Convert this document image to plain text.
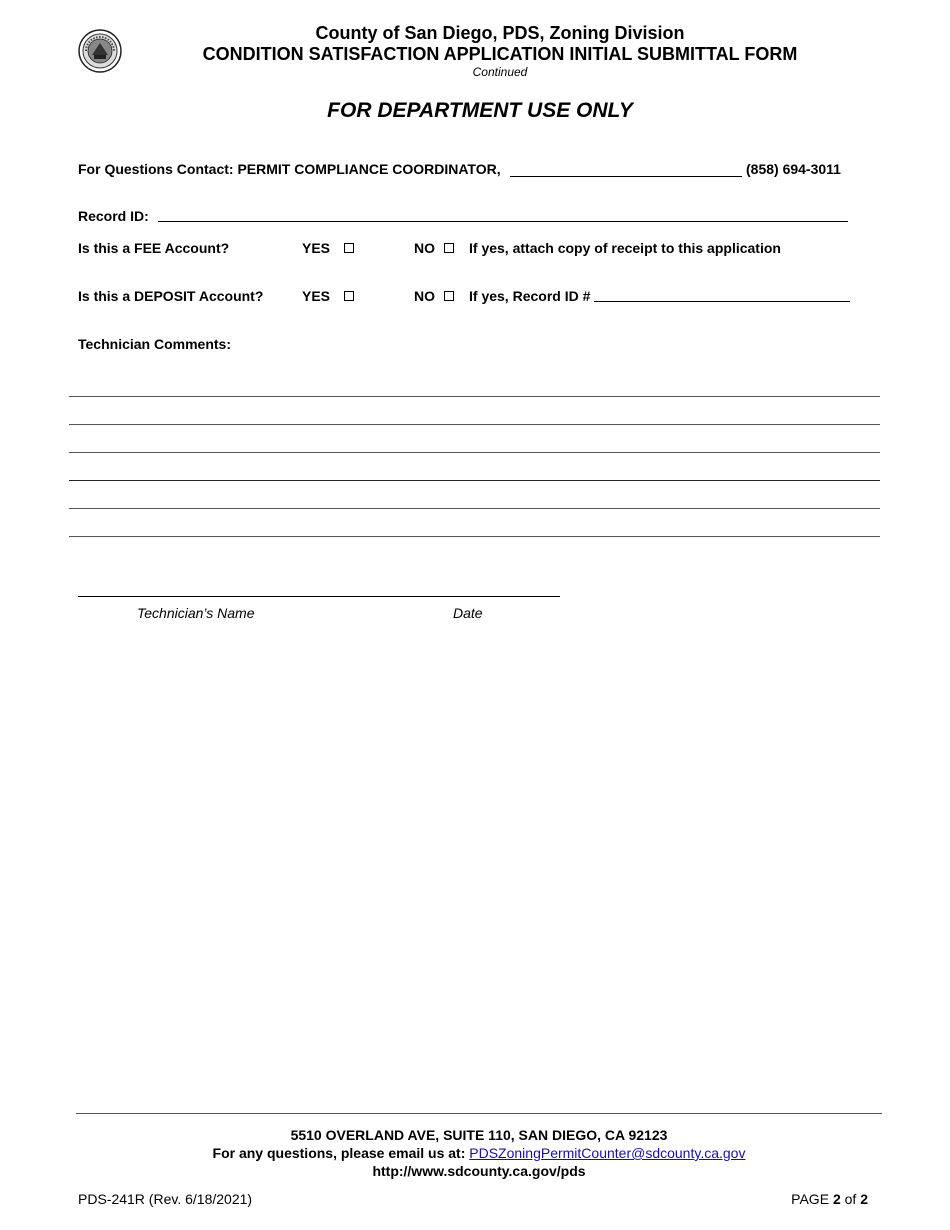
County of San Diego, PDS, Zoning Division
CONDITION SATISFACTION APPLICATION INITIAL SUBMITTAL FORM
Continued
FOR DEPARTMENT USE ONLY
For Questions Contact: PERMIT COMPLIANCE COORDINATOR,	(858) 694-3011
Record ID:
Is this a FEE Account?	YES	NO If yes, attach copy of receipt to this application
Is this a DEPOSIT Account?	YES	NO If yes, Record ID #
Technician Comments:
Technician’s Name	Date
5510 OVERLAND AVE, SUITE 110, SAN DIEGO, CA 92123
For any questions, please email us at: PDSZoningPermitCounter@sdcounty.ca.gov
http://www.sdcounty.ca.gov/pds
PDS-241R (Rev. 6/18/2021)	PAGE 2 of 2
